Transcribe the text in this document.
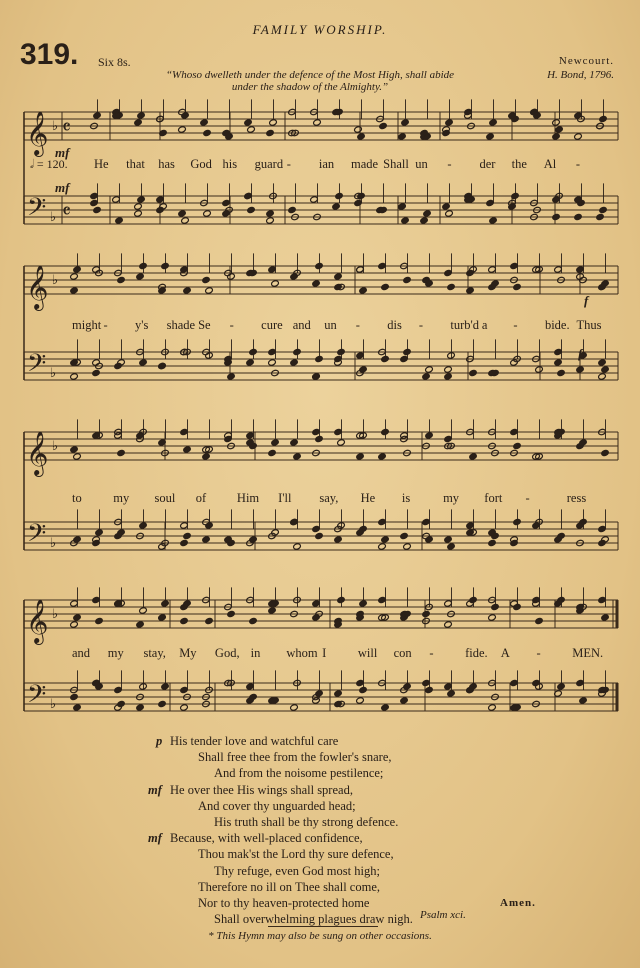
FAMILY WORSHIP.
319. Six 8s.	Newcourt.
H. Bond, 1796.
“Whoso dwelleth under the defence of the Most High, shall abide
under the shadow of the Almighty.”
𝄞 ♭ 𝄴
𝄢 ♭ 𝄴
𝄞 ♭
𝄢 ♭
𝄞 ♭
𝄢 ♭
𝄞 ♭
𝄢 ♭
mf
𝅗𝅥 = 120.
mf
f
f
He that has God his guard - ian made Shall un - der the Al -
might - y's shade Se - cure and un - dis - turb'd a - bide. Thus
to	my soul of Him I'll say, He is	my fort -	ress
and my stay, My God, in whom I	will con -	fide. A -	MEN.
p His tender love and watchful care
Shall free thee from the fowler's snare,
And from the noisome pestilence;
mf He over thee His wings shall spread,
And cover thy unguarded head;
His truth shall be thy strong defence.
mf Because, with well-placed confidence,
Thou mak'st the Lord thy sure defence,
Thy refuge, even God most high;
Therefore no ill on Thee shall come,
Nor to thy heaven-protected home
Shall overwhelming plagues draw nigh.
Amen.
Psalm xci.
* This Hymn may also be sung on other occasions.
